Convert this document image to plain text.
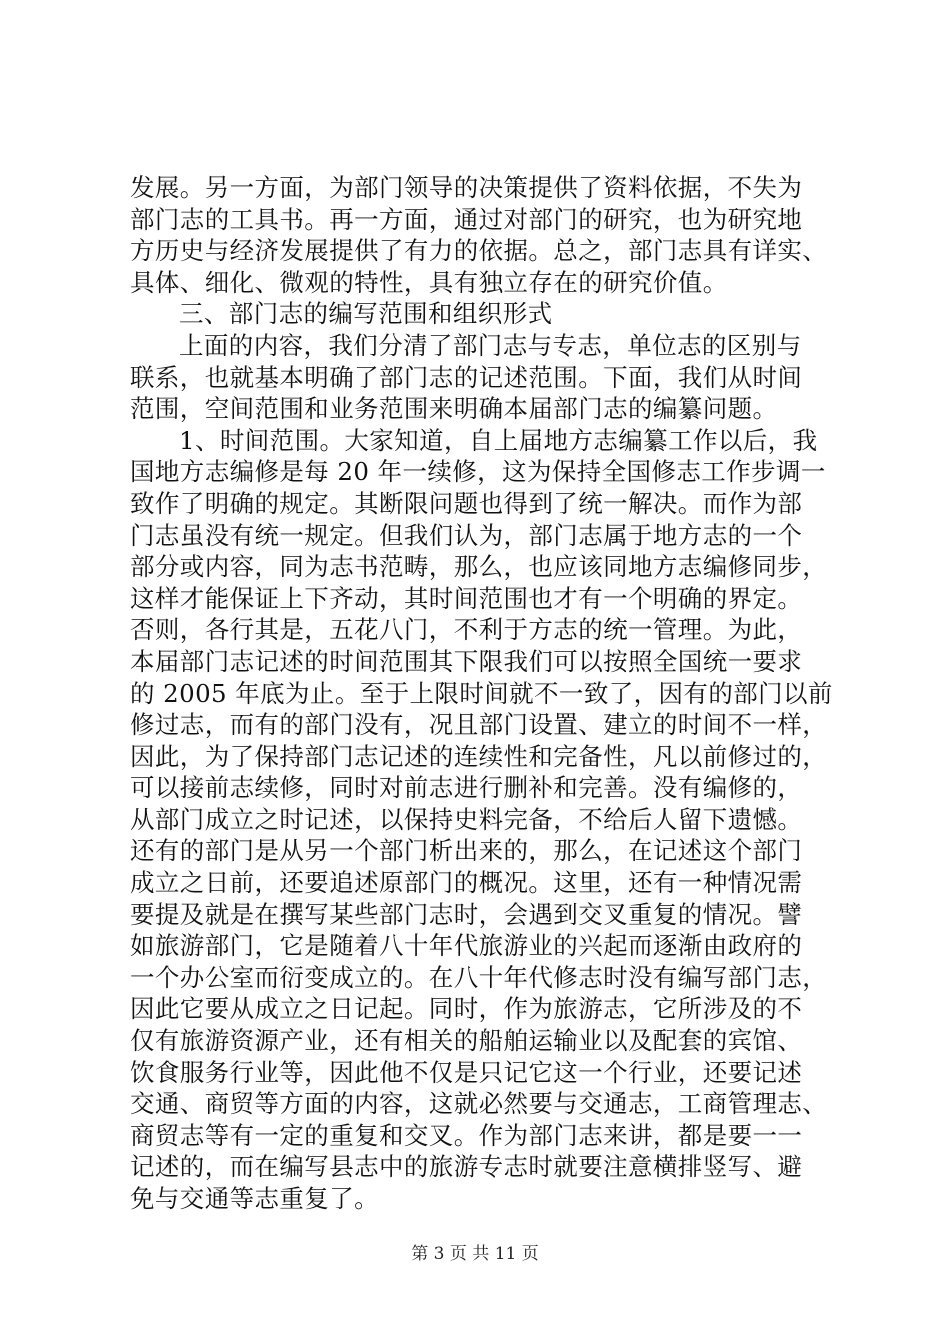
发展。另一方面，为部门领导的决策提供了资料依据，不失为
部门志的工具书。再一方面，通过对部门的研究，也为研究地
方历史与经济发展提供了有力的依据。总之，部门志具有详实、
具体、细化、微观的特性，具有独立存在的研究价值。
三、部门志的编写范围和组织形式
上面的内容，我们分清了部门志与专志，单位志的区别与
联系，也就基本明确了部门志的记述范围。下面，我们从时间
范围，空间范围和业务范围来明确本届部门志的编纂问题。
1、时间范围。大家知道，自上届地方志编纂工作以后，我
国地方志编修是每 20 年一续修，这为保持全国修志工作步调一
致作了明确的规定。其断限问题也得到了统一解决。而作为部
门志虽没有统一规定。但我们认为，部门志属于地方志的一个
部分或内容，同为志书范畴，那么，也应该同地方志编修同步，
这样才能保证上下齐动，其时间范围也才有一个明确的界定。
否则，各行其是，五花八门，不利于方志的统一管理。为此，
本届部门志记述的时间范围其下限我们可以按照全国统一要求
的 2005 年底为止。至于上限时间就不一致了，因有的部门以前
修过志，而有的部门没有，况且部门设置、建立的时间不一样，
因此，为了保持部门志记述的连续性和完备性，凡以前修过的，
可以接前志续修，同时对前志进行删补和完善。没有编修的，
从部门成立之时记述，以保持史料完备，不给后人留下遗憾。
还有的部门是从另一个部门析出来的，那么，在记述这个部门
成立之日前，还要追述原部门的概况。这里，还有一种情况需
要提及就是在撰写某些部门志时，会遇到交叉重复的情况。譬
如旅游部门，它是随着八十年代旅游业的兴起而逐渐由政府的
一个办公室而衍变成立的。在八十年代修志时没有编写部门志，
因此它要从成立之日记起。同时，作为旅游志，它所涉及的不
仅有旅游资源产业，还有相关的船舶运输业以及配套的宾馆、
饮食服务行业等，因此他不仅是只记它这一个行业，还要记述
交通、商贸等方面的内容，这就必然要与交通志，工商管理志、
商贸志等有一定的重复和交叉。作为部门志来讲，都是要一一
记述的，而在编写县志中的旅游专志时就要注意横排竖写、避
免与交通等志重复了。
第 3 页 共 11 页
